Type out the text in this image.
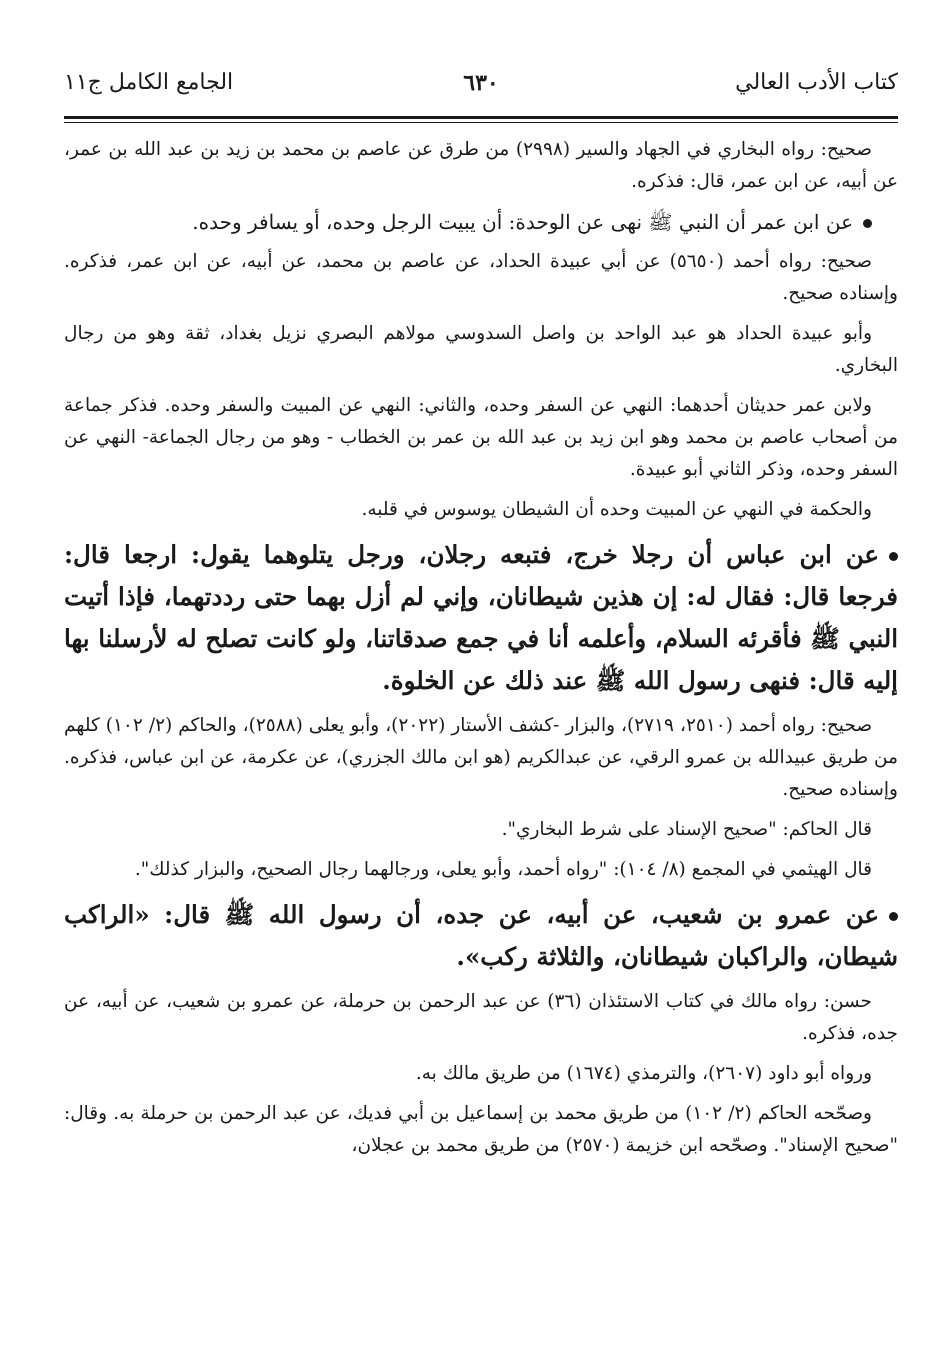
كتاب الأدب العالي
٦٣٠
الجامع الكامل ج١١
صحيح: رواه البخاري في الجهاد والسير (٢٩٩٨) من طرق عن عاصم بن محمد بن زيد بن عبد الله بن عمر، عن أبيه، عن ابن عمر، قال: فذكره.
عن ابن عمر أن النبي ﷺ نهى عن الوحدة: أن يبيت الرجل وحده، أو يسافر وحده.
صحيح: رواه أحمد (٥٦٥٠) عن أبي عبيدة الحداد، عن عاصم بن محمد، عن أبيه، عن ابن عمر، فذكره. وإسناده صحيح.
وأبو عبيدة الحداد هو عبد الواحد بن واصل السدوسي مولاهم البصري نزيل بغداد، ثقة وهو من رجال البخاري.
ولابن عمر حديثان أحدهما: النهي عن السفر وحده، والثاني: النهي عن المبيت والسفر وحده. فذكر جماعة من أصحاب عاصم بن محمد وهو ابن زيد بن عبد الله بن عمر بن الخطاب - وهو من رجال الجماعة- النهي عن السفر وحده، وذكر الثاني أبو عبيدة.
والحكمة في النهي عن المبيت وحده أن الشيطان يوسوس في قلبه.
عن ابن عباس أن رجلا خرج، فتبعه رجلان، ورجل يتلوهما يقول: ارجعا قال: فرجعا قال: فقال له: إن هذين شيطانان، وإني لم أزل بهما حتى رددتهما، فإذا أتيت النبي ﷺ فأقرئه السلام، وأعلمه أنا في جمع صدقاتنا، ولو كانت تصلح له لأرسلنا بها إليه قال: فنهى رسول الله ﷺ عند ذلك عن الخلوة.
صحيح: رواه أحمد (٢٥١٠، ٢٧١٩)، والبزار -كشف الأستار (٢٠٢٢)، وأبو يعلى (٢٥٨٨)، والحاكم (٢/ ١٠٢) كلهم من طريق عبيدالله بن عمرو الرقي، عن عبدالكريم (هو ابن مالك الجزري)، عن عكرمة، عن ابن عباس، فذكره. وإسناده صحيح.
قال الحاكم: "صحيح الإسناد على شرط البخاري".
قال الهيثمي في المجمع (٨/ ١٠٤): "رواه أحمد، وأبو يعلى، ورجالهما رجال الصحيح، والبزار كذلك".
عن عمرو بن شعيب، عن أبيه، عن جده، أن رسول الله ﷺ قال: «الراكب شيطان، والراكبان شيطانان، والثلاثة ركب».
حسن: رواه مالك في كتاب الاستئذان (٣٦) عن عبد الرحمن بن حرملة، عن عمرو بن شعيب، عن أبيه، عن جده، فذكره.
ورواه أبو داود (٢٦٠٧)، والترمذي (١٦٧٤) من طريق مالك به.
وصحّحه الحاكم (٢/ ١٠٢) من طريق محمد بن إسماعيل بن أبي فديك، عن عبد الرحمن بن حرملة به. وقال: "صحيح الإسناد". وصحّحه ابن خزيمة (٢٥٧٠) من طريق محمد بن عجلان،
